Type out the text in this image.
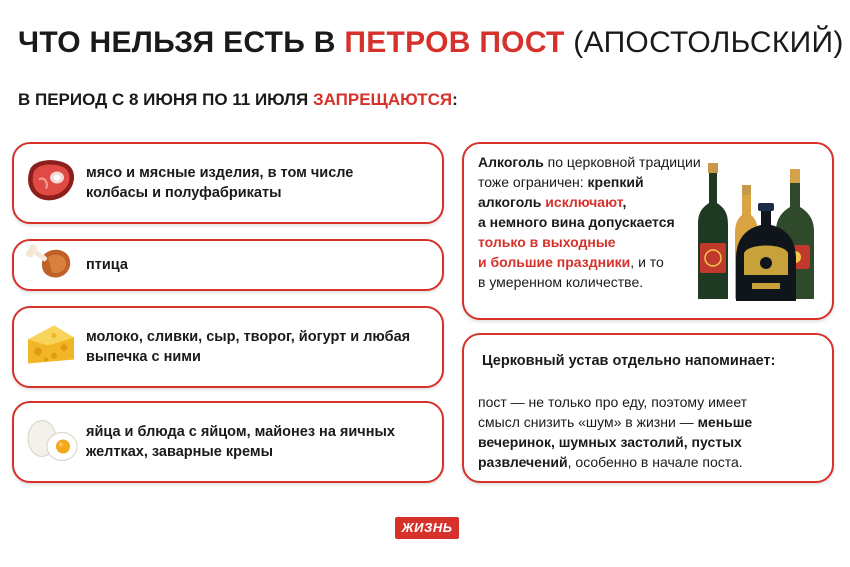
ЧТО НЕЛЬЗЯ ЕСТЬ В ПЕТРОВ ПОСТ (АПОСТОЛЬСКИЙ)
В ПЕРИОД С 8 ИЮНЯ ПО 11 ИЮЛЯ ЗАПРЕЩАЮТСЯ:
мясо и мясные изделия, в том числе
колбасы и полуфабрикаты
птица
молоко, сливки, сыр, творог, йогурт и любая
выпечка с ними
яйца и блюда с яйцом, майонез на яичных
желтках, заварные кремы
Алкоголь по церковной традиции
тоже ограничен: крепкий
алкоголь исключают,
а немного вина допускается
только в выходные
и большие праздники, и то
в умеренном количестве.
Церковный устав отдельно напоминает:
пост — не только про еду, поэтому имеет
смысл снизить «шум» в жизни — меньше
вечеринок, шумных застолий, пустых
развлечений, особенно в начале поста.
ЖИЗНЬ
